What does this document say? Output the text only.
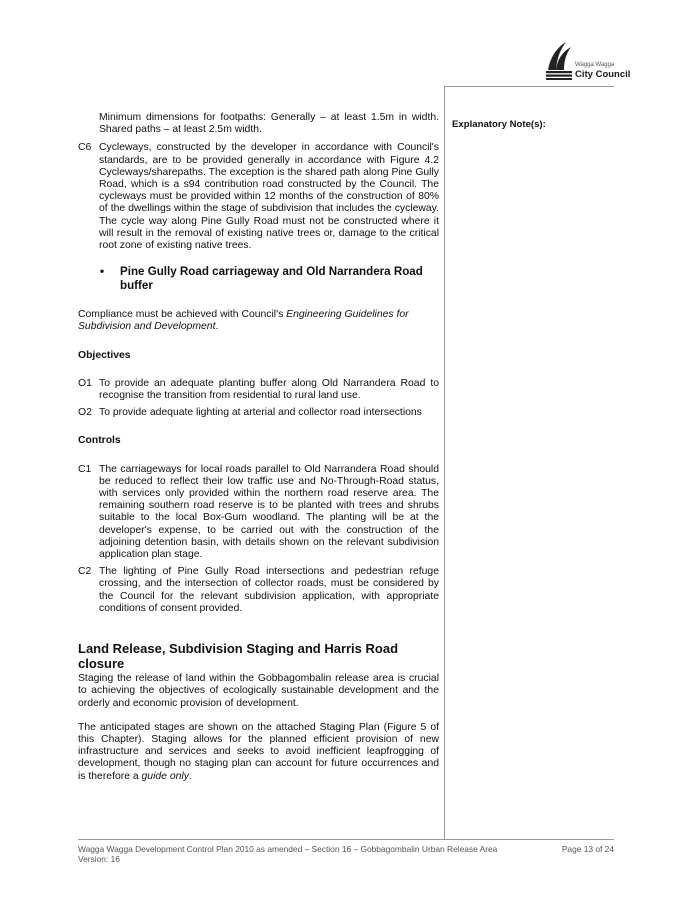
Wagga Wagga
City Council
Explanatory Note(s):
Minimum dimensions for footpaths: Generally – at least 1.5m in width. Shared paths – at least 2.5m width.
C6 Cycleways, constructed by the developer in accordance with Council's standards, are to be provided generally in accordance with Figure 4.2 Cycleways/sharepaths. The exception is the shared path along Pine Gully Road, which is a s94 contribution road constructed by the Council. The cycleways must be provided within 12 months of the construction of 80% of the dwellings within the stage of subdivision that includes the cycleway. The cycle way along Pine Gully Road must not be constructed where it will result in the removal of existing native trees or, damage to the critical root zone of existing native trees.
• Pine Gully Road carriageway and Old Narrandera Road buffer
Compliance must be achieved with Council's Engineering Guidelines for Subdivision and Development.
Objectives
O1 To provide an adequate planting buffer along Old Narrandera Road to recognise the transition from residential to rural land use.
O2 To provide adequate lighting at arterial and collector road intersections
Controls
C1 The carriageways for local roads parallel to Old Narrandera Road should be reduced to reflect their low traffic use and No-Through-Road status, with services only provided within the northern road reserve area. The remaining southern road reserve is to be planted with trees and shrubs suitable to the local Box-Gum woodland. The planting will be at the developer's expense, to be carried out with the construction of the adjoining detention basin, with details shown on the relevant subdivision application plan stage.
C2 The lighting of Pine Gully Road intersections and pedestrian refuge crossing, and the intersection of collector roads, must be considered by the Council for the relevant subdivision application, with appropriate conditions of consent provided.
Land Release, Subdivision Staging and Harris Road closure
Staging the release of land within the Gobbagombalin release area is crucial to achieving the objectives of ecologically sustainable development and the orderly and economic provision of development.
The anticipated stages are shown on the attached Staging Plan (Figure 5 of this Chapter). Staging allows for the planned efficient provision of new infrastructure and services and seeks to avoid inefficient leapfrogging of development, though no staging plan can account for future occurrences and is therefore a guide only.
Wagga Wagga Development Control Plan 2010 as amended – Section 16 – Gobbagombalin Urban Release Area	Page 13 of 24
Version: 16
